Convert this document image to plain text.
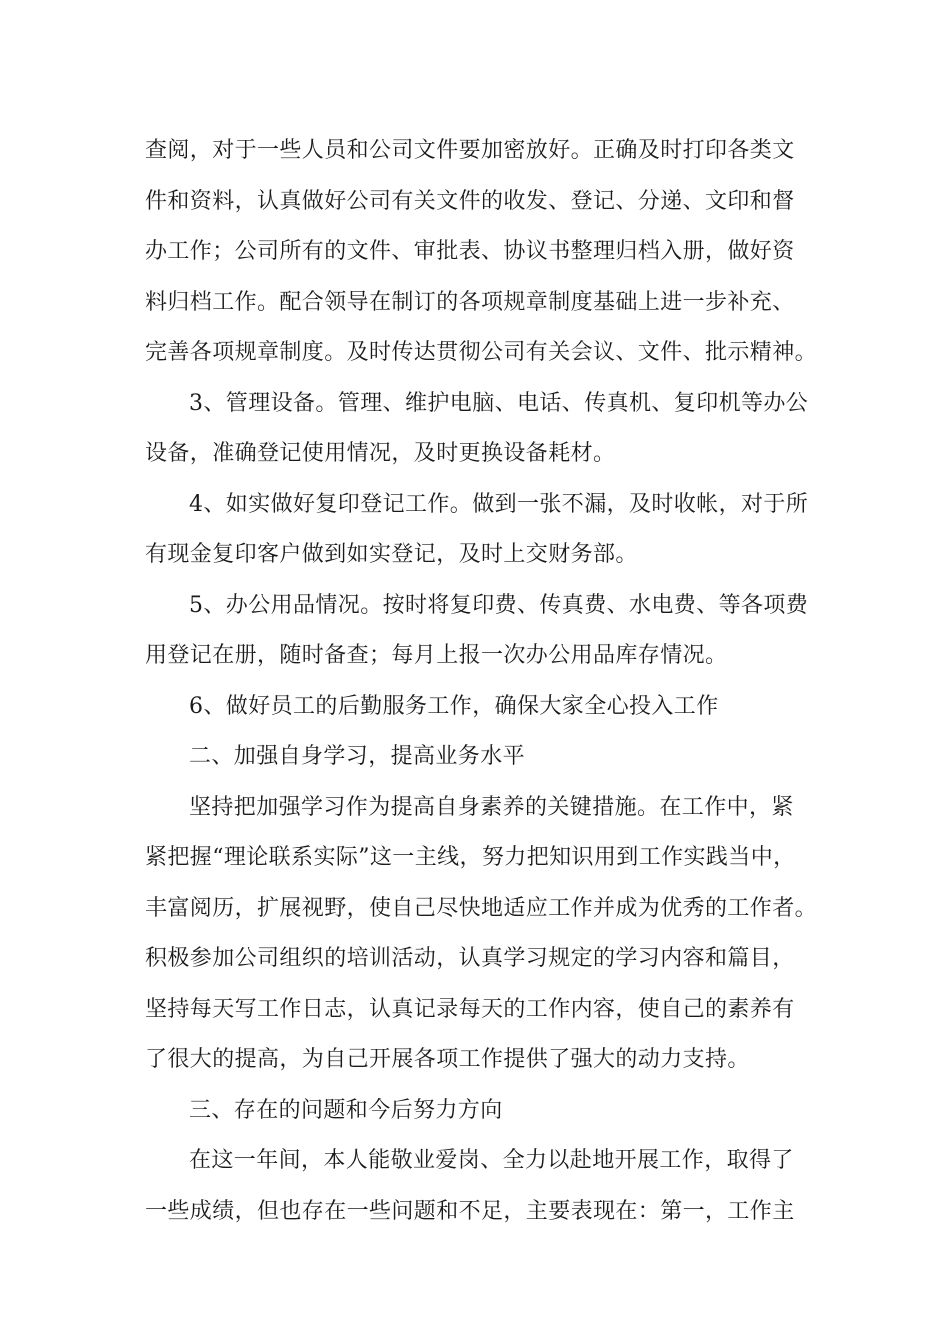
查阅，对于一些人员和公司文件要加密放好。正确及时打印各类文
件和资料，认真做好公司有关文件的收发、登记、分递、文印和督
办工作；公司所有的文件、审批表、协议书整理归档入册，做好资
料归档工作。配合领导在制订的各项规章制度基础上进一步补充、
完善各项规章制度。及时传达贯彻公司有关会议、文件、批示精神。
3、管理设备。管理、维护电脑、电话、传真机、复印机等办公
设备，准确登记使用情况，及时更换设备耗材。
4、如实做好复印登记工作。做到一张不漏，及时收帐，对于所
有现金复印客户做到如实登记，及时上交财务部。
5、办公用品情况。按时将复印费、传真费、水电费、等各项费
用登记在册，随时备查；每月上报一次办公用品库存情况。
6、做好员工的后勤服务工作，确保大家全心投入工作
二、加强自身学习，提高业务水平
坚持把加强学习作为提高自身素养的关键措施。在工作中，紧
紧把握“理论联系实际”这一主线，努力把知识用到工作实践当中，
丰富阅历，扩展视野，使自己尽快地适应工作并成为优秀的工作者。
积极参加公司组织的培训活动，认真学习规定的学习内容和篇目，
坚持每天写工作日志，认真记录每天的工作内容，使自己的素养有
了很大的提高，为自己开展各项工作提供了强大的动力支持。
三、存在的问题和今后努力方向
在这一年间，本人能敬业爱岗、全力以赴地开展工作，取得了
一些成绩，但也存在一些问题和不足，主要表现在：第一，工作主
